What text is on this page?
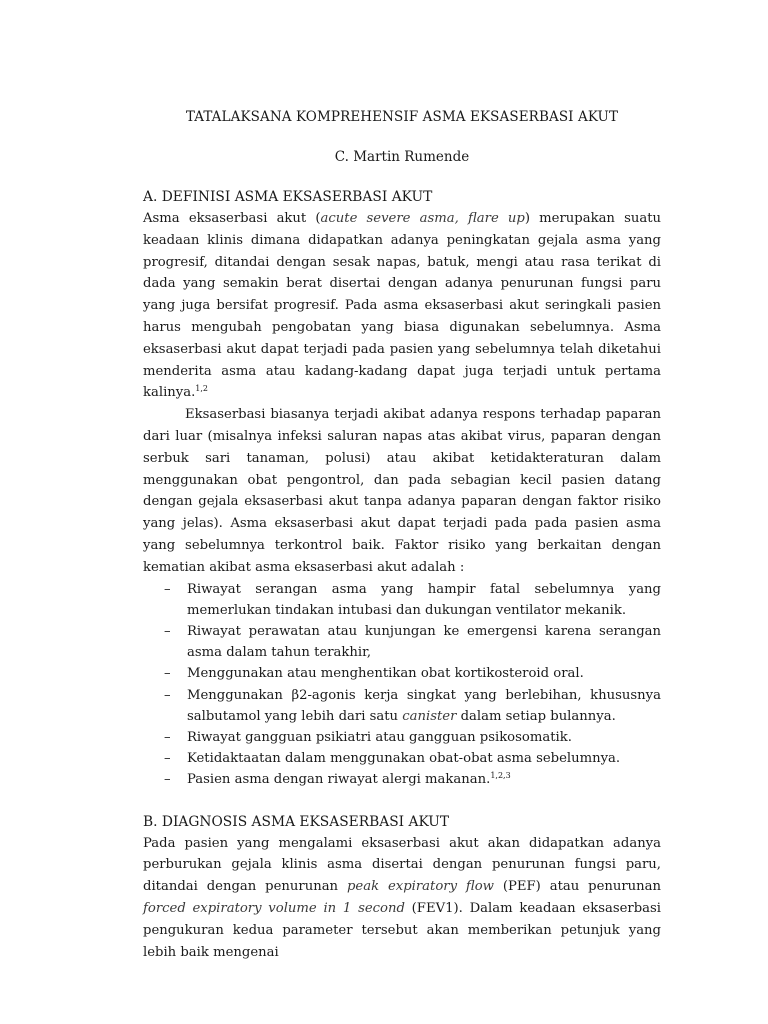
TATALAKSANA KOMPREHENSIF ASMA EKSASERBASI AKUT
C. Martin Rumende
A. DEFINISI ASMA EKSASERBASI AKUT

Asma eksaserbasi akut (acute severe asma, flare up) merupakan suatu keadaan klinis dimana didapatkan adanya peningkatan gejala asma yang progresif, ditandai dengan sesak napas, batuk, mengi atau rasa terikat di dada yang semakin berat disertai dengan adanya penurunan fungsi paru yang juga bersifat progresif. Pada asma eksaserbasi akut seringkali pasien harus mengubah pengobatan yang biasa digunakan sebelumnya. Asma eksaserbasi akut dapat terjadi pada pasien yang sebelumnya telah diketahui menderita asma atau kadang-kadang dapat juga terjadi untuk pertama kalinya.$^{1,2}$

Eksaserbasi biasanya terjadi akibat adanya respons terhadap paparan dari luar (misalnya infeksi saluran napas atas akibat virus, paparan dengan serbuk sari tanaman, polusi) atau akibat ketidakteraturan dalam menggunakan obat pengontrol, dan pada sebagian kecil pasien datang dengan gejala eksaserbasi akut tanpa adanya paparan dengan faktor risiko yang jelas). Asma eksaserbasi akut dapat terjadi pada pada pasien asma yang sebelumnya terkontrol baik. Faktor risiko yang berkaitan dengan kematian akibat asma eksaserbasi akut adalah :

– Riwayat serangan asma yang hampir fatal sebelumnya yang memerlukan tindakan intubasi dan dukungan ventilator mekanik.
– Riwayat perawatan atau kunjungan ke emergensi karena serangan asma dalam tahun terakhir,
– Menggunakan atau menghentikan obat kortikosteroid oral.
– Menggunakan β2-agonis kerja singkat yang berlebihan, khususnya salbutamol yang lebih dari satu canister dalam setiap bulannya.
– Riwayat gangguan psikiatri atau gangguan psikosomatik.
– Ketidaktaatan dalam menggunakan obat-obat asma sebelumnya.
– Pasien asma dengan riwayat alergi makanan.$^{1,2,3}$
B. DIAGNOSIS ASMA EKSASERBASI AKUT

Pada pasien yang mengalami eksaserbasi akut akan didapatkan adanya perburukan gejala klinis asma disertai dengan penurunan fungsi paru, ditandai dengan penurunan peak expiratory flow (PEF) atau penurunan forced expiratory volume in 1 second (FEV1). Dalam keadaan eksaserbasi pengukuran kedua parameter tersebut akan memberikan petunjuk yang lebih baik mengenai
